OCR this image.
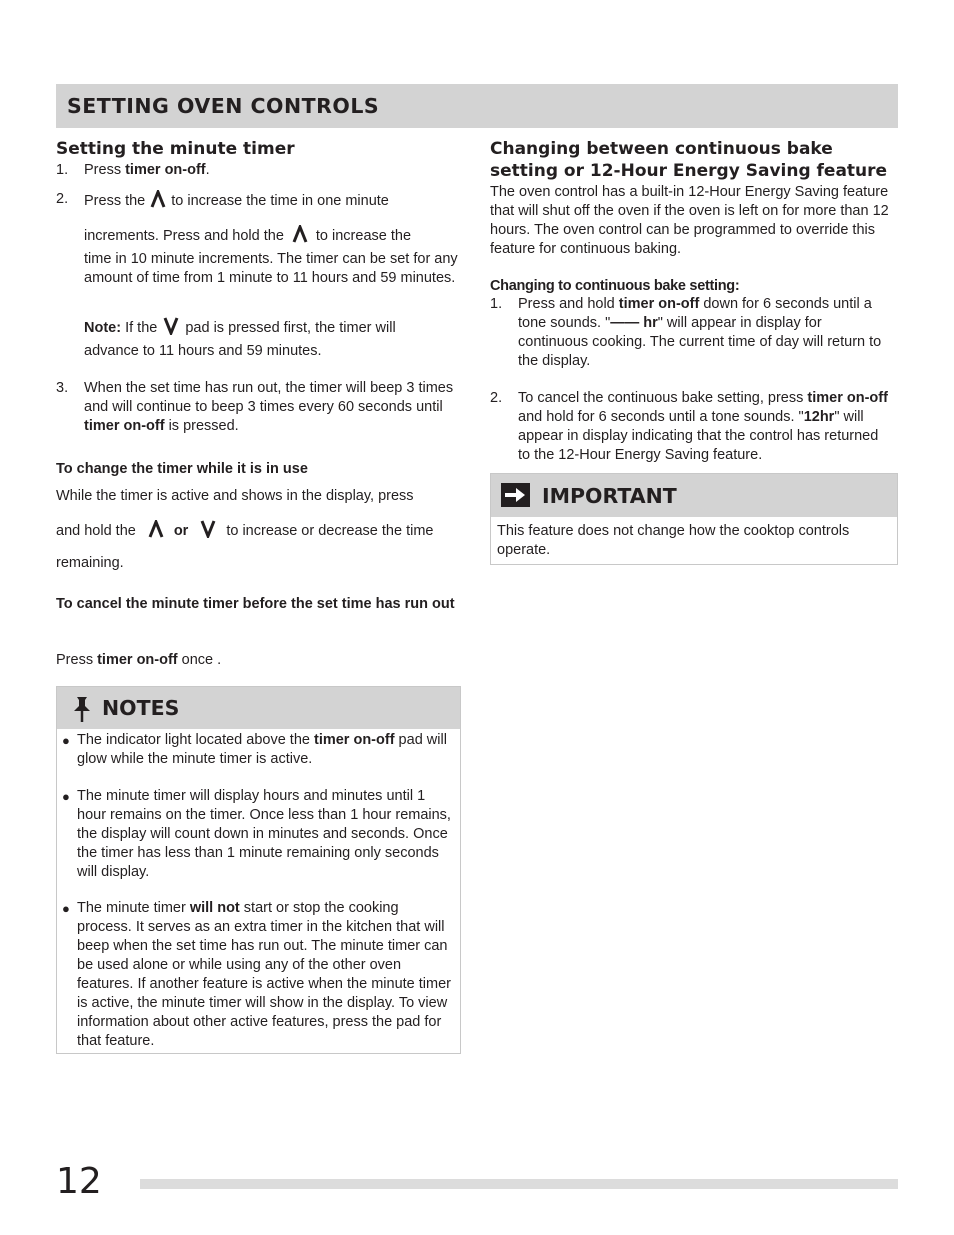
SETTING OVEN CONTROLS
Setting the minute timer
1. Press timer on-off.
2. Press the to increase the time in one minute
increments. Press and hold the to increase the

time in 10 minute increments. The timer can be set for any amount of time from 1 minute to 11 hours and 59 minutes.

Note: If the pad is pressed first, the timer will

advance to 11 hours and 59 minutes.

3. When the set time has run out, the timer will beep 3 times and will continue to beep 3 times every 60 seconds until timer on-off is pressed.

To change the timer while it is in use
While the timer is active and shows in the display, press
and hold the	or	to increase or decrease the time
remaining.
To cancel the minute timer before the set time has run out
Press timer on-off once .
NOTES
● The indicator light located above the timer on-off pad will glow while the minute timer is active.

● The minute timer will display hours and minutes until 1 hour remains on the timer. Once less than 1 hour remains, the display will count down in minutes and seconds. Once the timer has less than 1 minute remaining only seconds will display.

● The minute timer will not start or stop the cooking process. It serves as an extra timer in the kitchen that will beep when the set time has run out. The minute timer can be used alone or while using any of the other oven features. If another feature is active when the minute timer is active, the minute timer will show in the display. To view information about other active features, press the pad for that feature.

Changing between continuous bake setting or 12-Hour Energy Saving feature

The oven control has a built-in 12-Hour Energy Saving feature that will shut off the oven if the oven is left on for more than 12 hours. The oven control can be programmed to override this feature for continuous baking.

Changing to continuous bake setting:
1. Press and hold timer on-off down for 6 seconds until a tone sounds. "—— hr" will appear in display for continuous cooking. The current time of day will return to the display.

2. To cancel the continuous bake setting, press timer on-off and hold for 6 seconds until a tone sounds. "12hr" will appear in display indicating that the control has returned to the 12-Hour Energy Saving feature.

IMPORTANT

This feature does not change how the cooktop controls operate.

12
